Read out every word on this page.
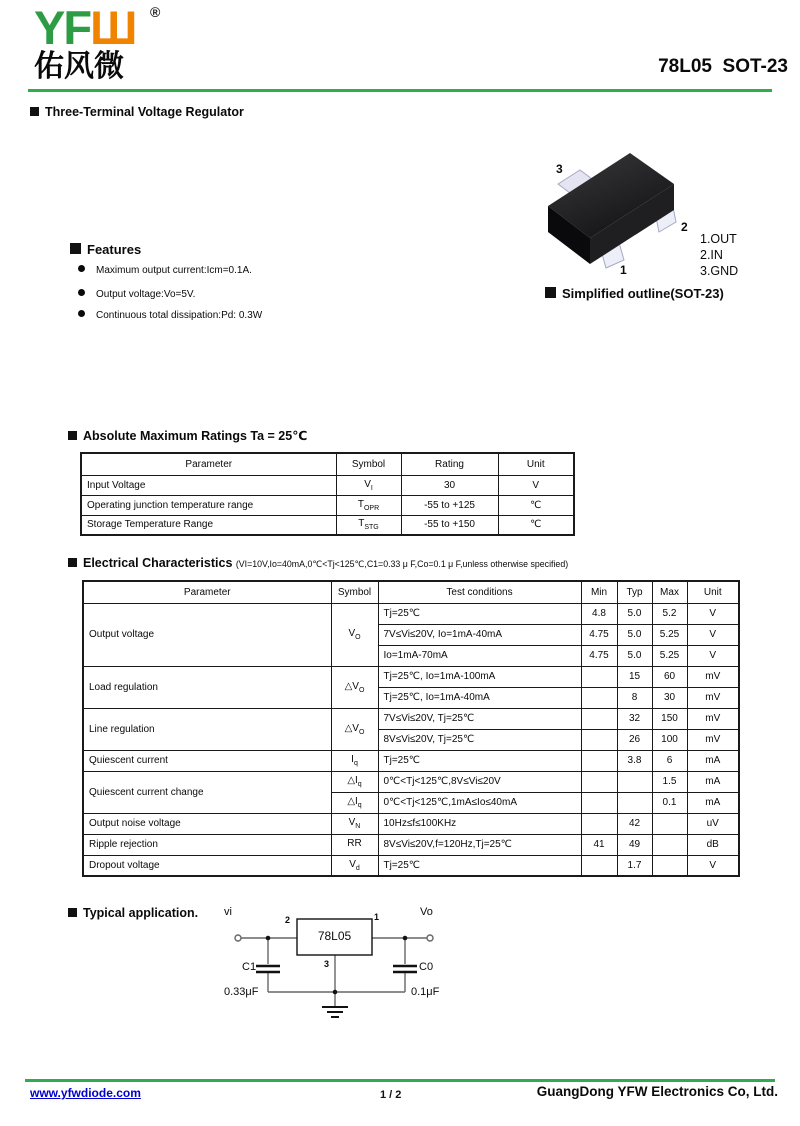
YFШ ®
佑风微	78L05  SOT-23
Three-Terminal Voltage Regulator
Features
Maximum output current:Icm=0.1A.
Output voltage:Vo=5V.
Continuous total dissipation:Pd: 0.3W
3
2
1
1.OUT
2.IN
3.GND
Simplified outline(SOT-23)
Absolute Maximum Ratings Ta = 25℃
Parameter	Symbol	Rating	Unit
Input Voltage	$V_I$	30	V
Operating junction temperature range	$T_{OPR}$	-55 to +125	℃
Storage Temperature Range	$T_{STG}$	-55 to +150	℃
Electrical Characteristics (VI=10V,Io=40mA,0℃<Tj<125℃,C1=0.33 μ F,Co=0.1 μ F,unless otherwise specified)
Parameter	Symbol	Test conditions	Min	Typ	Max	Unit
Output voltage	$V_O$	Tj=25℃	4.8	5.0	5.2	V
		7V≤Vi≤20V, Io=1mA-40mA	4.75	5.0	5.25	V
		Io=1mA-70mA	4.75	5.0	5.25	V
Load regulation	$\triangle V_O$	Tj=25℃, Io=1mA-100mA		15	60	mV
		Tj=25℃, Io=1mA-40mA		8	30	mV
Line regulation	$\triangle V_O$	7V≤Vi≤20V, Tj=25℃		32	150	mV
		8V≤Vi≤20V, Tj=25℃		26	100	mV
Quiescent current	$I_q$	Tj=25℃		3.8	6	mA
Quiescent current change	$\triangle I_q$	0℃<Tj<125℃,8V≤Vi≤20V			1.5	mA
	$\triangle I_q$	0℃<Tj<125℃,1mA≤Io≤40mA			0.1	mA
Output noise voltage	$V_N$	10Hz≤f≤100KHz		42		uV
Ripple rejection	RR	8V≤Vi≤20V,f=120Hz,Tj=25℃	41	49		dB
Dropout voltage	$V_d$	Tj=25℃		1.7		V
Typical application. vi	Vo
2	1
3
78L05
C1
0.33μF
C0
0.1μF
www.yfwdiode.com	1 / 2	GuangDong YFW Electronics Co, Ltd.
